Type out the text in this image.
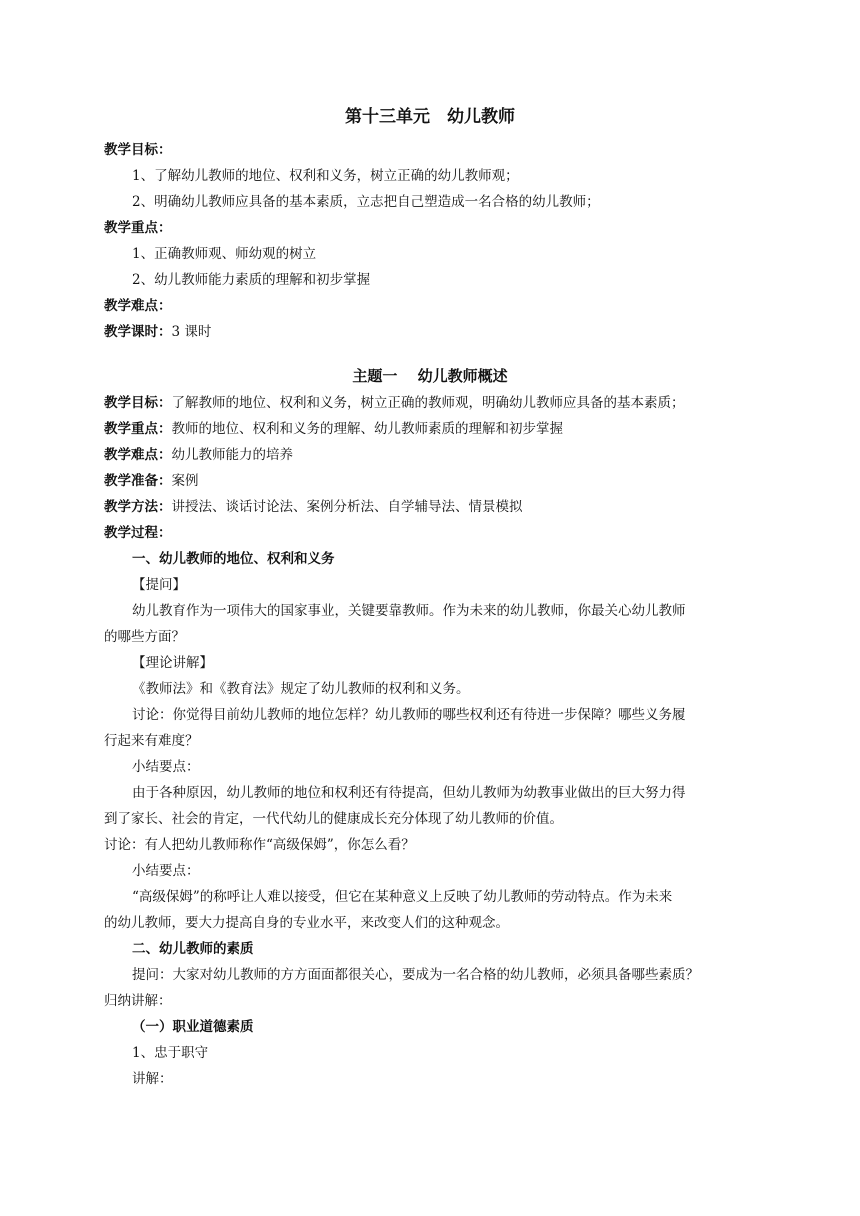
第十三单元　幼儿教师
教学目标：
1、了解幼儿教师的地位、权利和义务，树立正确的幼儿教师观；
2、明确幼儿教师应具备的基本素质，立志把自己塑造成一名合格的幼儿教师；
教学重点：
1、正确教师观、师幼观的树立
2、幼儿教师能力素质的理解和初步掌握
教学难点：
教学课时：3 课时
主题一　 幼儿教师概述
教学目标：了解教师的地位、权利和义务，树立正确的教师观，明确幼儿教师应具备的基本素质；
教学重点：教师的地位、权利和义务的理解、幼儿教师素质的理解和初步掌握
教学难点：幼儿教师能力的培养
教学准备：案例
教学方法：讲授法、谈话讨论法、案例分析法、自学辅导法、情景模拟
教学过程：
一、幼儿教师的地位、权利和义务
【提问】
幼儿教育作为一项伟大的国家事业，关键要靠教师。作为未来的幼儿教师，你最关心幼儿教师
的哪些方面？
【理论讲解】
《教师法》和《教育法》规定了幼儿教师的权利和义务。
讨论：你觉得目前幼儿教师的地位怎样？幼儿教师的哪些权利还有待进一步保障？哪些义务履
行起来有难度？
小结要点：
由于各种原因，幼儿教师的地位和权利还有待提高，但幼儿教师为幼教事业做出的巨大努力得
到了家长、社会的肯定，一代代幼儿的健康成长充分体现了幼儿教师的价值。
讨论：有人把幼儿教师称作“高级保姆”，你怎么看？
小结要点：
“高级保姆”的称呼让人难以接受，但它在某种意义上反映了幼儿教师的劳动特点。作为未来
的幼儿教师，要大力提高自身的专业水平，来改变人们的这种观念。
二、幼儿教师的素质
提问：大家对幼儿教师的方方面面都很关心，要成为一名合格的幼儿教师，必须具备哪些素质？
归纳讲解：
（一）职业道德素质
1、忠于职守
讲解：
